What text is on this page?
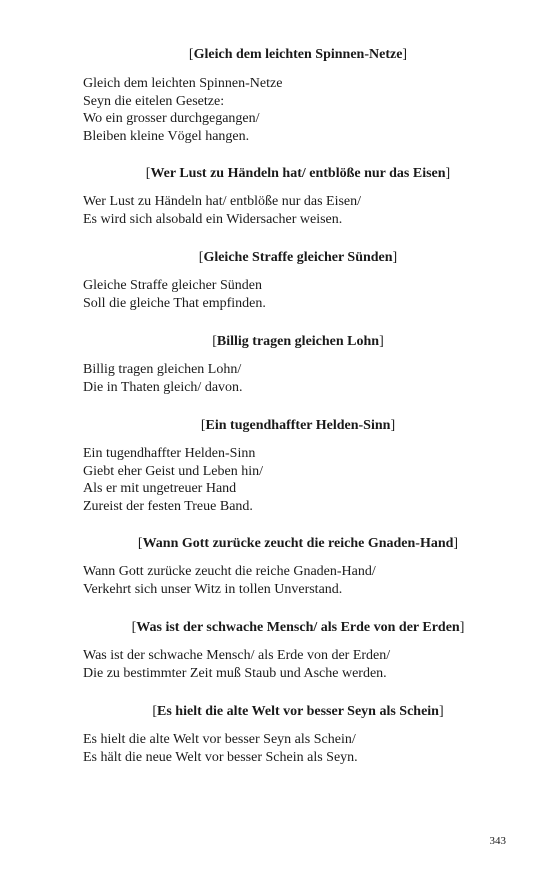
[Gleich dem leichten Spinnen-Netze]
Gleich dem leichten Spinnen-Netze
Seyn die eitelen Gesetze:
Wo ein grosser durchgegangen/
Bleiben kleine Vögel hangen.
[Wer Lust zu Händeln hat/ entblöße nur das Eisen]
Wer Lust zu Händeln hat/ entblöße nur das Eisen/
Es wird sich alsobald ein Widersacher weisen.
[Gleiche Straffe gleicher Sünden]
Gleiche Straffe gleicher Sünden
Soll die gleiche That empfinden.
[Billig tragen gleichen Lohn]
Billig tragen gleichen Lohn/
Die in Thaten gleich/ davon.
[Ein tugendhaffter Helden-Sinn]
Ein tugendhaffter Helden-Sinn
Giebt eher Geist und Leben hin/
Als er mit ungetreuer Hand
Zureist der festen Treue Band.
[Wann Gott zurücke zeucht die reiche Gnaden-Hand]
Wann Gott zurücke zeucht die reiche Gnaden-Hand/
Verkehrt sich unser Witz in tollen Unverstand.
[Was ist der schwache Mensch/ als Erde von der Erden]
Was ist der schwache Mensch/ als Erde von der Erden/
Die zu bestimmter Zeit muß Staub und Asche werden.
[Es hielt die alte Welt vor besser Seyn als Schein]
Es hielt die alte Welt vor besser Seyn als Schein/
Es hält die neue Welt vor besser Schein als Seyn.
343
